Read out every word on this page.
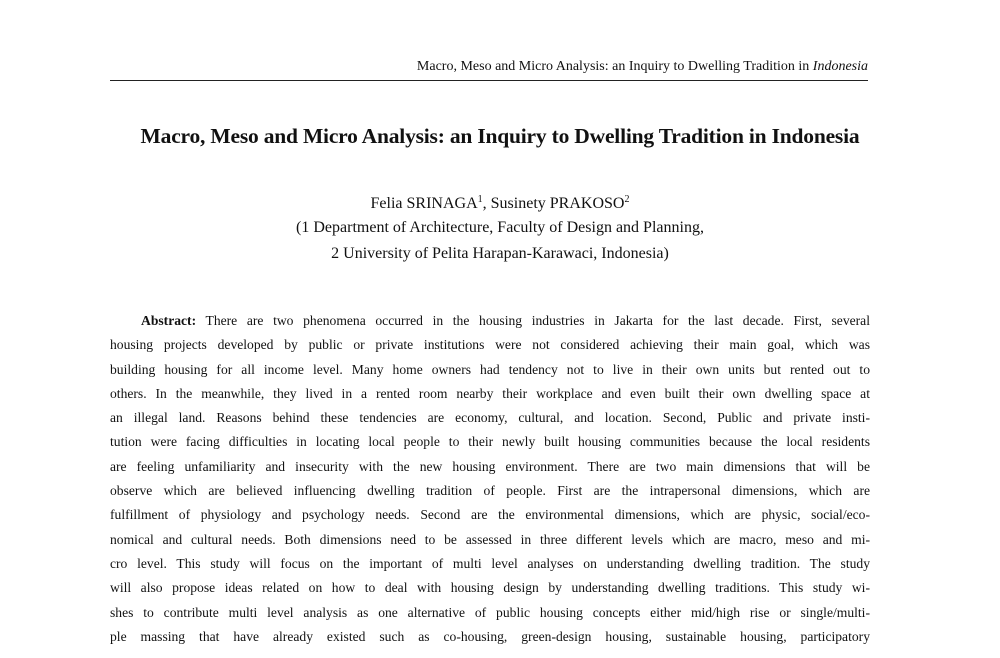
Macro, Meso and Micro Analysis: an Inquiry to Dwelling Tradition in Indonesia
Macro, Meso and Micro Analysis: an Inquiry to Dwelling Tradition in Indonesia
Felia SRINAGA$^1$, Susinety PRAKOSO$^2$
(1 Department of Architecture, Faculty of Design and Planning,
2 University of Pelita Harapan-Karawaci, Indonesia)
Abstract: There are two phenomena occurred in the housing industries in Jakarta for the last decade. First, several
housing projects developed by public or private institutions were not considered achieving their main goal, which was
building housing for all income level. Many home owners had tendency not to live in their own units but rented out to
others. In the meanwhile, they lived in a rented room nearby their workplace and even built their own dwelling space at
an illegal land. Reasons behind these tendencies are economy, cultural, and location. Second, Public and private insti-
tution were facing difficulties in locating local people to their newly built housing communities because the local residents
are feeling unfamiliarity and insecurity with the new housing environment. There are two main dimensions that will be
observe which are believed influencing dwelling tradition of people. First are the intrapersonal dimensions, which are
fulfillment of physiology and psychology needs. Second are the environmental dimensions, which are physic, social/eco-
nomical and cultural needs. Both dimensions need to be assessed in three different levels which are macro, meso and mi-
cro level. This study will focus on the important of multi level analyses on understanding dwelling tradition. The study
will also propose ideas related on how to deal with housing design by understanding dwelling traditions. This study wi-
shes to contribute multi level analysis as one alternative of public housing concepts either mid/high rise or single/multi-
ple massing that have already existed such as co-housing, green-design housing, sustainable housing, participatory
